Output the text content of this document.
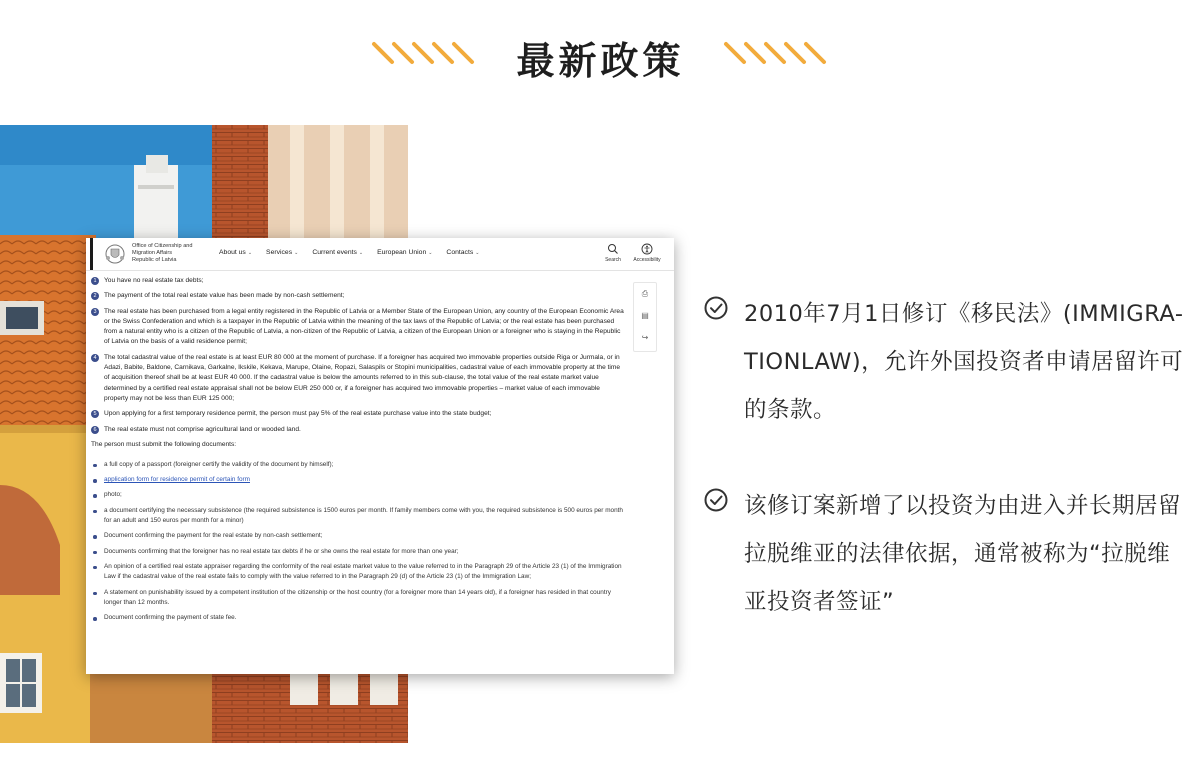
最新政策
Office of Citizenship and
Migration Affairs
Republic of Latvia
About us ⌄ Services ⌄ Current events ⌄ European Union ⌄ Contacts ⌄
Search	Accessibility
⎙
▤
↪
1	You have no real estate tax debts;
2	The payment of the total real estate value has been made by non-cash settlement;
3	The real estate has been purchased from a legal entity registered in the Republic of Latvia or a Member State of the European Union, any country of the European Economic Area or the Swiss Confederation and which is a taxpayer in the Republic of Latvia within the meaning of the tax laws of the Republic of Latvia; or the real estate has been purchased from a natural entity who is a citizen of the Republic of Latvia, a non-citizen of the Republic of Latvia, a citizen of the European Union or a foreigner who is staying in the Republic of Latvia on the basis of a valid residence permit;
4	The total cadastral value of the real estate is at least EUR 80 000 at the moment of purchase. If a foreigner has acquired two immovable properties outside Riga or Jurmala, or in Adazi, Babite, Baldone, Carnikava, Garkalne, Ikskile, Kekava, Marupe, Olaine, Ropazi, Salaspils or Stopini municipalities, cadastral value of each immovable property at the time of acquisition thereof shall be at least EUR 40 000. If the cadastral value is below the amounts referred to in this sub-clause, the total value of the real estate market value determined by a certified real estate appraisal shall not be below EUR 250 000 or, if a foreigner has acquired two immovable properties – market value of each immovable property may not be less than EUR 125 000;
5	Upon applying for a first temporary residence permit, the person must pay 5% of the real estate purchase value into the state budget;
6	The real estate must not comprise agricultural land or wooded land.
The person must submit the following documents:
a full copy of a passport (foreigner certify the validity of the document by himself);
application form for residence permit of certain form
photo;
a document certifying the necessary subsistence (the required subsistence is 1500 euros per month. If family members come with you, the required subsistence is 500 euros per month for an adult and 150 euros per month for a minor)
Document confirming the payment for the real estate by non-cash settlement;
Documents confirming that the foreigner has no real estate tax debts if he or she owns the real estate for more than one year;
An opinion of a certified real estate appraiser regarding the conformity of the real estate market value to the value referred to in the Paragraph 29 of the Article 23 (1) of the Immigration Law if the cadastral value of the real estate fails to comply with the value referred to in the Paragraph 29 (d) of the Article 23 (1) of the Immigration Law;
A statement on punishability issued by a competent institution of the citizenship or the host country (for a foreigner more than 14 years old), if a foreigner has resided in that country longer than 12 months.
Document confirming the payment of state fee.
2010年7月1日修订《移民法》(IMMIGRA-TIONLAW)，允许外国投资者申请居留许可的条款。
该修订案新增了以投资为由进入并长期居留拉脱维亚的法律依据，通常被称为“拉脱维亚投资者签证”
